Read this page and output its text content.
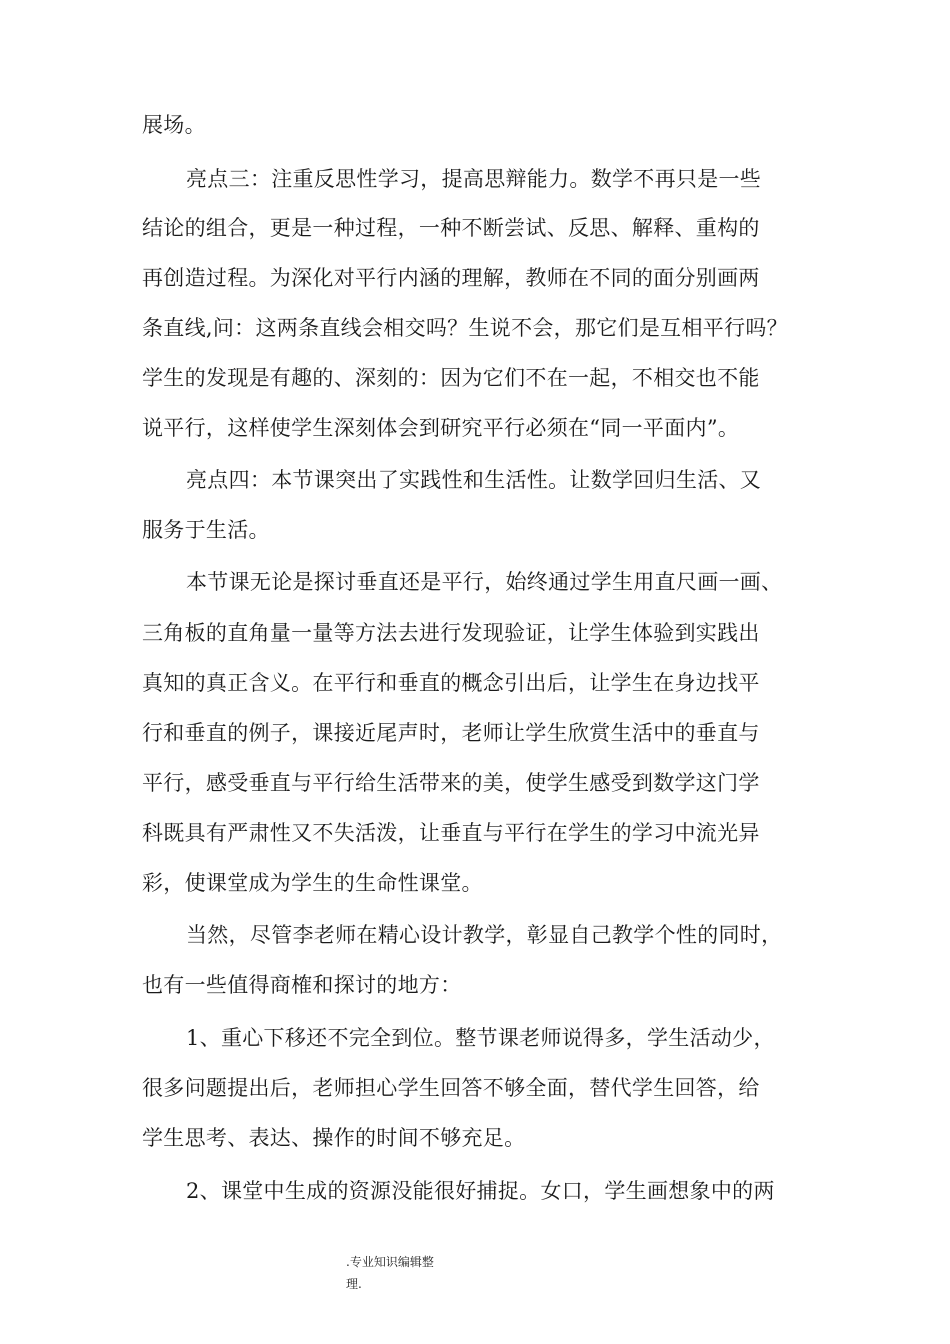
展场。
亮点三：注重反思性学习，提高思辩能力。数学不再只是一些
结论的组合，更是一种过程，一种不断尝试、反思、解释、重构的
再创造过程。为深化对平行内涵的理解，教师在不同的面分别画两
条直线,问：这两条直线会相交吗？生说不会，那它们是互相平行吗？
学生的发现是有趣的、深刻的：因为它们不在一起，不相交也不能
说平行，这样使学生深刻体会到研究平行必须在“同一平面内”。
亮点四：本节课突出了实践性和生活性。让数学回归生活、又
服务于生活。
本节课无论是探讨垂直还是平行，始终通过学生用直尺画一画、
三角板的直角量一量等方法去进行发现验证，让学生体验到实践出
真知的真正含义。在平行和垂直的概念引出后，让学生在身边找平
行和垂直的例子，课接近尾声时，老师让学生欣赏生活中的垂直与
平行，感受垂直与平行给生活带来的美，使学生感受到数学这门学
科既具有严肃性又不失活泼，让垂直与平行在学生的学习中流光异
彩，使课堂成为学生的生命性课堂。
当然，尽管李老师在精心设计教学，彰显自己教学个性的同时，
也有一些值得商榷和探讨的地方：
1、重心下移还不完全到位。整节课老师说得多，学生活动少，
很多问题提出后，老师担心学生回答不够全面，替代学生回答，给
学生思考、表达、操作的时间不够充足。
2、课堂中生成的资源没能很好捕捉。女口，学生画想象中的两
.专业知识编辑整
理.
